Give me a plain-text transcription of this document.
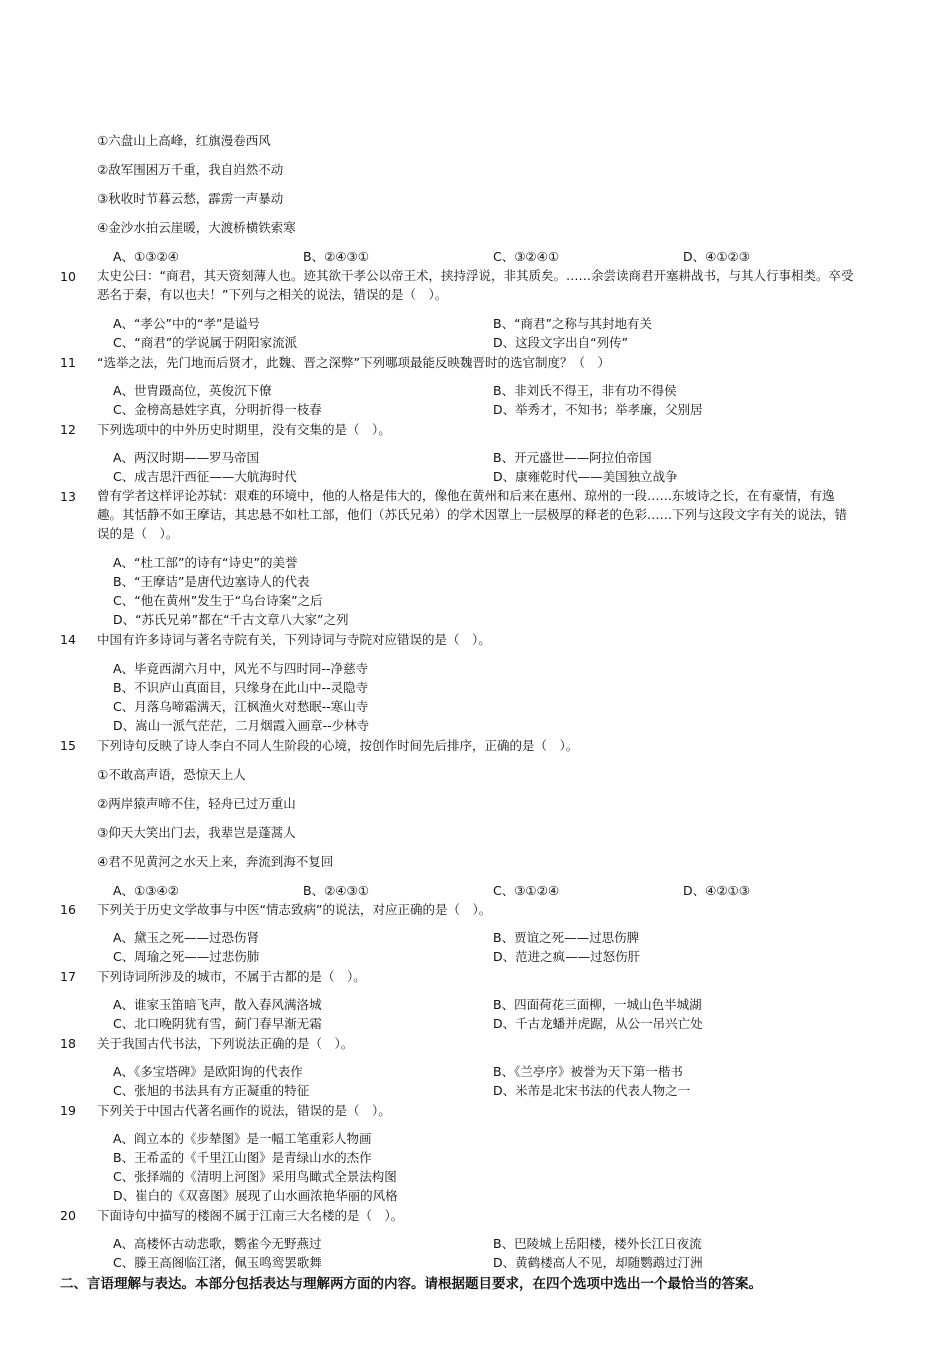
①六盘山上高峰，红旗漫卷西风
②敌军围困万千重，我自岿然不动
③秋收时节暮云愁，霹雳一声暴动
④金沙水拍云崖暖，大渡桥横铁索寒
A、①③②④	B、②④③①	C、③②④①	D、④①②③
10 太史公曰：“商君，其天资刻薄人也。迹其欲干孝公以帝王术，挟持浮说，非其质矣。……余尝读商君开塞耕战书，与其人行事相类。卒受恶名于秦，有以也夫！”下列与之相关的说法，错误的是（　）。
A、“孝公”中的“孝”是谥号	B、“商君”之称与其封地有关
C、“商君”的学说属于阴阳家流派	D、这段文字出自“列传”
11 “选举之法，先门地而后贤才，此魏、晋之深弊”下列哪项最能反映魏晋时的选官制度？（　）
A、世胄蹑高位，英俊沉下僚	B、非刘氏不得王，非有功不得侯
C、金榜高悬姓字真，分明折得一枝春	D、举秀才，不知书；举孝廉，父别居
12 下列选项中的中外历史时期里，没有交集的是（　）。
A、两汉时期——罗马帝国	B、开元盛世——阿拉伯帝国
C、成吉思汗西征——大航海时代	D、康雍乾时代——美国独立战争
13 曾有学者这样评论苏轼：艰难的环境中，他的人格是伟大的，像他在黄州和后来在惠州、琼州的一段……东坡诗之长，在有豪情，有逸趣。其恬静不如王摩诘，其忠悬不如杜工部，他们（苏氏兄弟）的学术因罩上一层极厚的释老的色彩……下列与这段文字有关的说法，错误的是（　）。
A、“杜工部”的诗有“诗史”的美誉
B、“王摩诘”是唐代边塞诗人的代表
C、“他在黄州”发生于“乌台诗案”之后
D、“苏氏兄弟”都在“千古文章八大家”之列
14 中国有许多诗词与著名寺院有关，下列诗词与寺院对应错误的是（　）。
A、毕竟西湖六月中，风光不与四时同--净慈寺
B、不识庐山真面目，只缘身在此山中--灵隐寺
C、月落乌啼霜满天，江枫渔火对愁眠--寒山寺
D、嵩山一派气茫茫，二月烟霞入画章--少林寺
15 下列诗句反映了诗人李白不同人生阶段的心境，按创作时间先后排序，正确的是（　）。
①不敢高声语，恐惊天上人
②两岸猿声啼不住，轻舟已过万重山
③仰天大笑出门去，我辈岂是蓬蒿人
④君不见黄河之水天上来，奔流到海不复回
A、①③④②	B、②④③①	C、③①②④	D、④②①③
16 下列关于历史文学故事与中医“情志致病”的说法，对应正确的是（　）。
A、黛玉之死——过恐伤肾	B、贾谊之死——过思伤脾
C、周瑜之死——过悲伤肺	D、范进之疯——过怒伤肝
17 下列诗词所涉及的城市，不属于古都的是（　）。
A、谁家玉笛暗飞声，散入春风满洛城	B、四面荷花三面柳，一城山色半城湖
C、北口晚阴犹有雪，蓟门春早渐无霜	D、千古龙蟠并虎踞，从公一吊兴亡处
18 关于我国古代书法，下列说法正确的是（　）。
A、《多宝塔碑》是欧阳询的代表作	B、《兰亭序》被誉为天下第一楷书
C、张旭的书法具有方正凝重的特征	D、米芾是北宋书法的代表人物之一
19 下列关于中国古代著名画作的说法，错误的是（　）。
A、阎立本的《步辇图》是一幅工笔重彩人物画
B、王希孟的《千里江山图》是青绿山水的杰作
C、张择端的《清明上河图》采用鸟瞰式全景法构图
D、崔白的《双喜图》展现了山水画浓艳华丽的风格
20 下面诗句中描写的楼阁不属于江南三大名楼的是（　）。
A、高楼怀古动悲歌，鹦雀今无野燕过	B、巴陵城上岳阳楼，楼外长江日夜流
C、滕王高阁临江渚，佩玉鸣鸾罢歌舞	D、黄鹤楼高人不见，却随鹦鹉过汀洲
二、言语理解与表达。本部分包括表达与理解两方面的内容。请根据题目要求，在四个选项中选出一个最恰当的答案。
